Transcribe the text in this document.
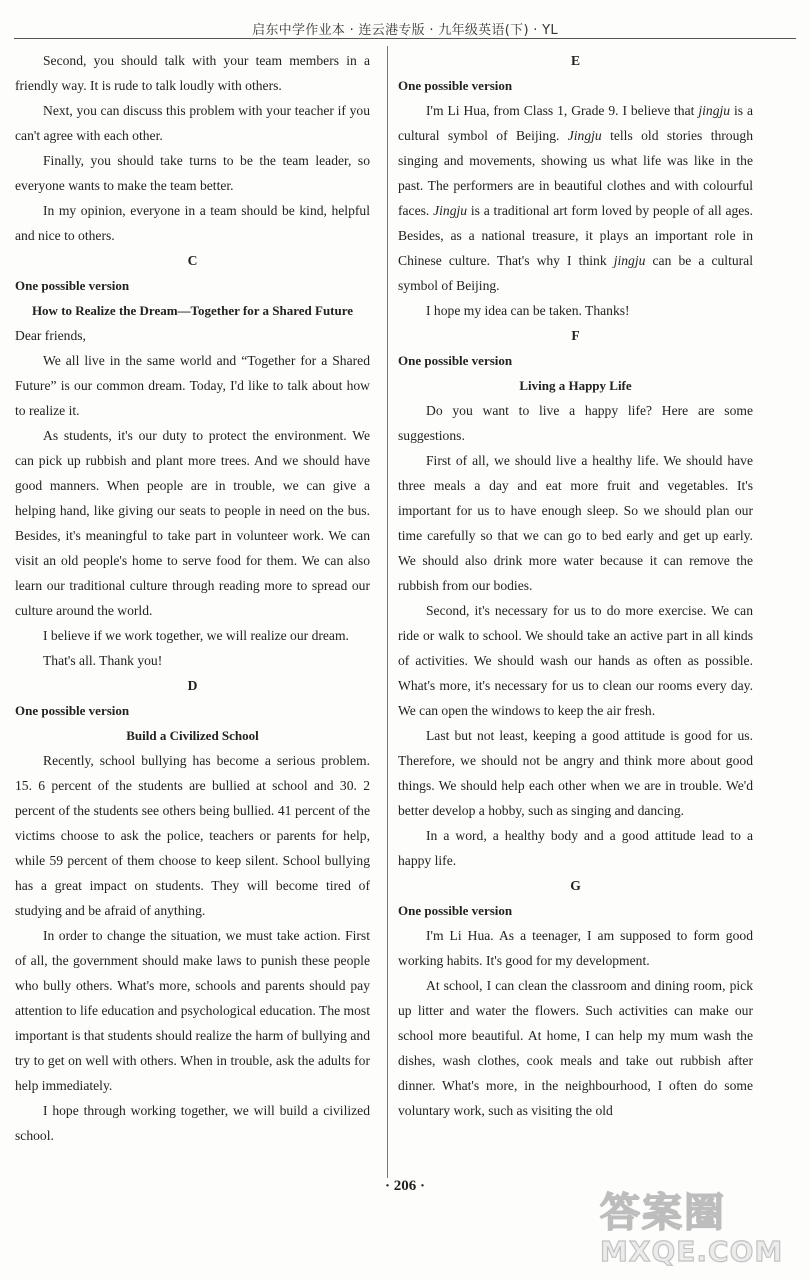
启东中学作业本 · 连云港专版 · 九年级英语(下) · YL

Second, you should talk with your team members in a friendly way. It is rude to talk loudly with others.

Next, you can discuss this problem with your teacher if you can't agree with each other.

Finally, you should take turns to be the team leader, so everyone wants to make the team better.

In my opinion, everyone in a team should be kind, helpful and nice to others.

C

One possible version

How to Realize the Dream—Together for a Shared Future

Dear friends,

We all live in the same world and “Together for a Shared Future” is our common dream. Today, I'd like to talk about how to realize it.

As students, it's our duty to protect the environment. We can pick up rubbish and plant more trees. And we should have good manners. When people are in trouble, we can give a helping hand, like giving our seats to people in need on the bus. Besides, it's meaningful to take part in volunteer work. We can visit an old people's home to serve food for them. We can also learn our traditional culture through reading more to spread our culture around the world.

I believe if we work together, we will realize our dream.

That's all. Thank you!

D

One possible version

Build a Civilized School

Recently, school bullying has become a serious problem. 15. 6 percent of the students are bullied at school and 30. 2 percent of the students see others being bullied. 41 percent of the victims choose to ask the police, teachers or parents for help, while 59 percent of them choose to keep silent. School bullying has a great impact on students. They will become tired of studying and be afraid of anything.

In order to change the situation, we must take action. First of all, the government should make laws to punish these people who bully others. What's more, schools and parents should pay attention to life education and psychological education. The most important is that students should realize the harm of bullying and try to get on well with others. When in trouble, ask the adults for help immediately.

I hope through working together, we will build a civilized school.

E

One possible version

I'm Li Hua, from Class 1, Grade 9. I believe that jingju is a cultural symbol of Beijing. Jingju tells old stories through singing and movements, showing us what life was like in the past. The performers are in beautiful clothes and with colourful faces. Jingju is a traditional art form loved by people of all ages. Besides, as a national treasure, it plays an important role in Chinese culture. That's why I think jingju can be a cultural symbol of Beijing.

I hope my idea can be taken. Thanks!

F

One possible version

Living a Happy Life

Do you want to live a happy life? Here are some suggestions.

First of all, we should live a healthy life. We should have three meals a day and eat more fruit and vegetables. It's important for us to have enough sleep. So we should plan our time carefully so that we can go to bed early and get up early. We should also drink more water because it can remove the rubbish from our bodies.

Second, it's necessary for us to do more exercise. We can ride or walk to school. We should take an active part in all kinds of activities. We should wash our hands as often as possible. What's more, it's necessary for us to clean our rooms every day. We can open the windows to keep the air fresh.

Last but not least, keeping a good attitude is good for us. Therefore, we should not be angry and think more about good things. We should help each other when we are in trouble. We'd better develop a hobby, such as singing and dancing.

In a word, a healthy body and a good attitude lead to a happy life.

G

One possible version

I'm Li Hua. As a teenager, I am supposed to form good working habits. It's good for my development.

At school, I can clean the classroom and dining room, pick up litter and water the flowers. Such activities can make our school more beautiful. At home, I can help my mum wash the dishes, wash clothes, cook meals and take out rubbish after dinner. What's more, in the neighbourhood, I often do some voluntary work, such as visiting the old

· 206 ·
答 案 圈
MXQE.COM
